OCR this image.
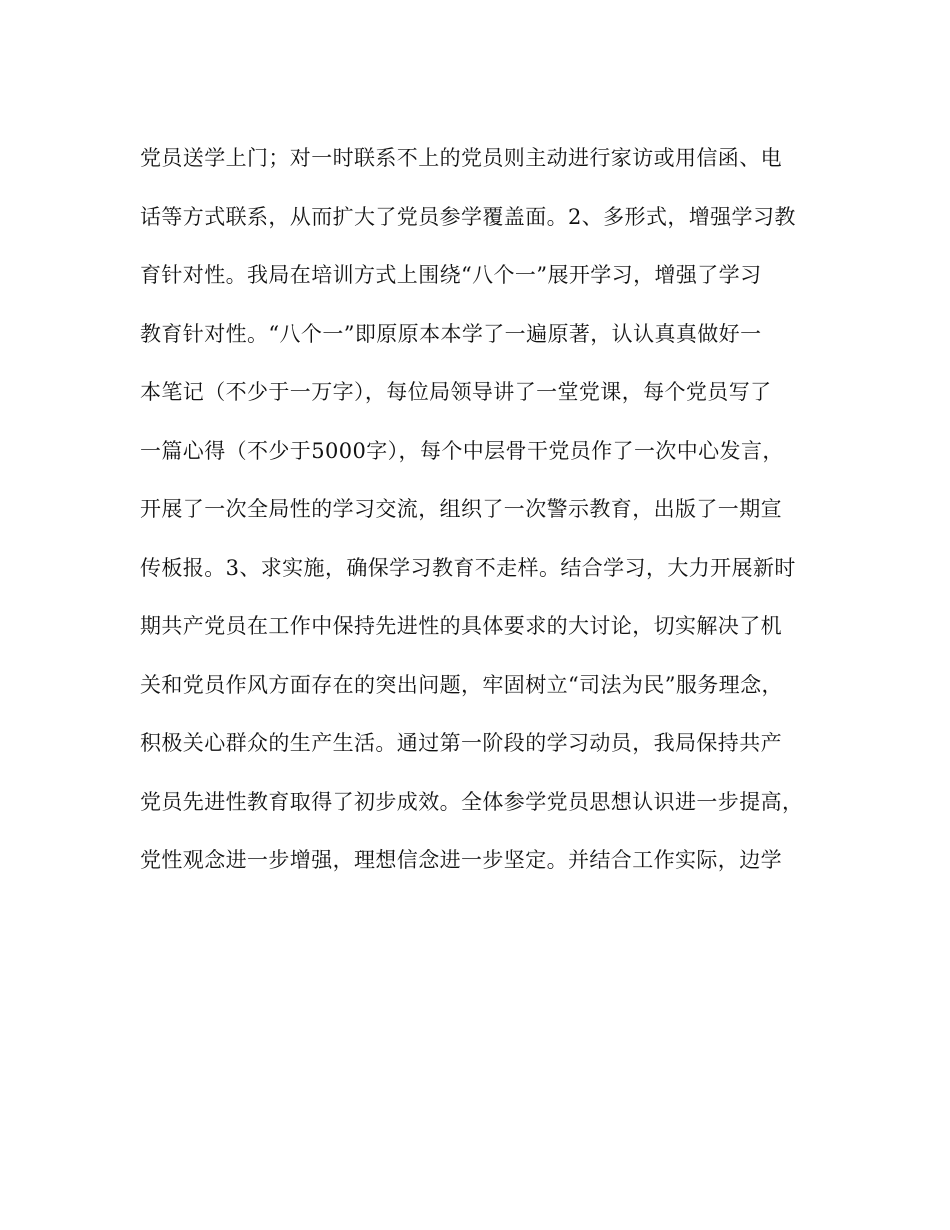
党员送学上门；对一时联系不上的党员则主动进行家访或用信函、电
话等方式联系，从而扩大了党员参学覆盖面。2、多形式，增强学习教
育针对性。我局在培训方式上围绕“八个一”展开学习，增强了学习
教育针对性。“八个一”即原原本本学了一遍原著，认认真真做好一
本笔记（不少于一万字），每位局领导讲了一堂党课，每个党员写了
一篇心得（不少于5000字），每个中层骨干党员作了一次中心发言，
开展了一次全局性的学习交流，组织了一次警示教育，出版了一期宣
传板报。3、求实施，确保学习教育不走样。结合学习，大力开展新时
期共产党员在工作中保持先进性的具体要求的大讨论，切实解决了机
关和党员作风方面存在的突出问题，牢固树立“司法为民”服务理念，
积极关心群众的生产生活。通过第一阶段的学习动员，我局保持共产
党员先进性教育取得了初步成效。全体参学党员思想认识进一步提高，
党性观念进一步增强，理想信念进一步坚定。并结合工作实际，边学
